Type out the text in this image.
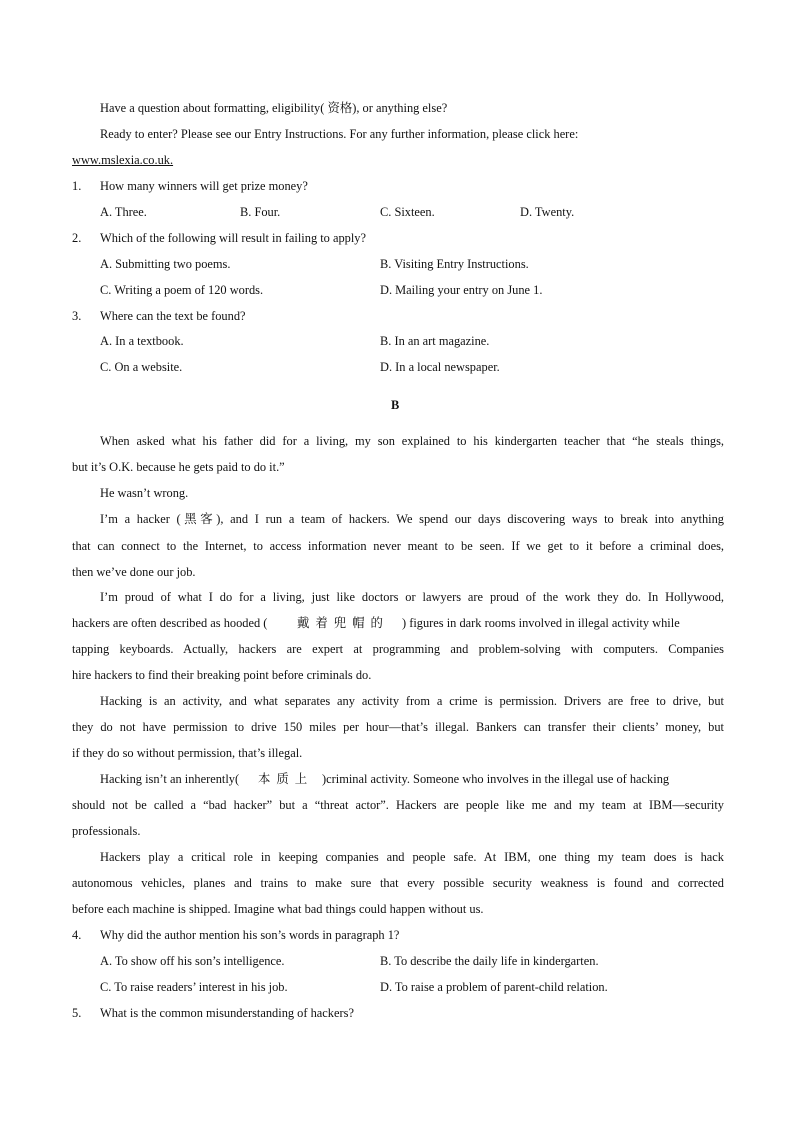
Have a question about formatting, eligibility( 资格), or anything else?
Ready to enter? Please see our Entry Instructions. For any further information, please click here:
www.mslexia.co.uk.
1. How many winners will get prize money?
A. Three.	B. Four.	C. Sixteen.	D. Twenty.
2. Which of the following will result in failing to apply?
A. Submitting two poems.	B. Visiting Entry Instructions.
C. Writing a poem of 120 words.	D. Mailing your entry on June 1.
3. Where can the text be found?
A. In a textbook.	B. In an art magazine.
C. On a website.	D. In a local newspaper.
B
When asked what his father did for a living, my son explained to his kindergarten teacher that “he steals things,
but it’s O.K. because he gets paid to do it.”
He wasn’t wrong.
I’m a hacker (黑客), and I run a team of hackers. We spend our days discovering ways to break into anything
that can connect to the Internet, to access information never meant to be seen. If we get to it before a criminal does,
then we’ve done our job.
I’m proud of what I do for a living, just like doctors or lawyers are proud of the work they do. In Hollywood,
hackers are often described as hooded ( 戴着兜帽的 ) figures in dark rooms involved in illegal activity while
tapping keyboards. Actually, hackers are expert at programming and problem-solving with computers. Companies
hire hackers to find their breaking point before criminals do.
Hacking is an activity, and what separates any activity from a crime is permission. Drivers are free to drive, but
they do not have permission to drive 150 miles per hour—that’s illegal. Bankers can transfer their clients’ money, but
if they do so without permission, that’s illegal.
Hacking isn’t an inherently( 本质上 )criminal activity. Someone who involves in the illegal use of hacking
should not be called a “bad hacker” but a “threat actor”. Hackers are people like me and my team at IBM—security
professionals.
Hackers play a critical role in keeping companies and people safe. At IBM, one thing my team does is hack
autonomous vehicles, planes and trains to make sure that every possible security weakness is found and corrected
before each machine is shipped. Imagine what bad things could happen without us.
4. Why did the author mention his son’s words in paragraph 1?
A. To show off his son’s intelligence.	B. To describe the daily life in kindergarten.
C. To raise readers’ interest in his job.	D. To raise a problem of parent-child relation.
5. What is the common misunderstanding of hackers?
